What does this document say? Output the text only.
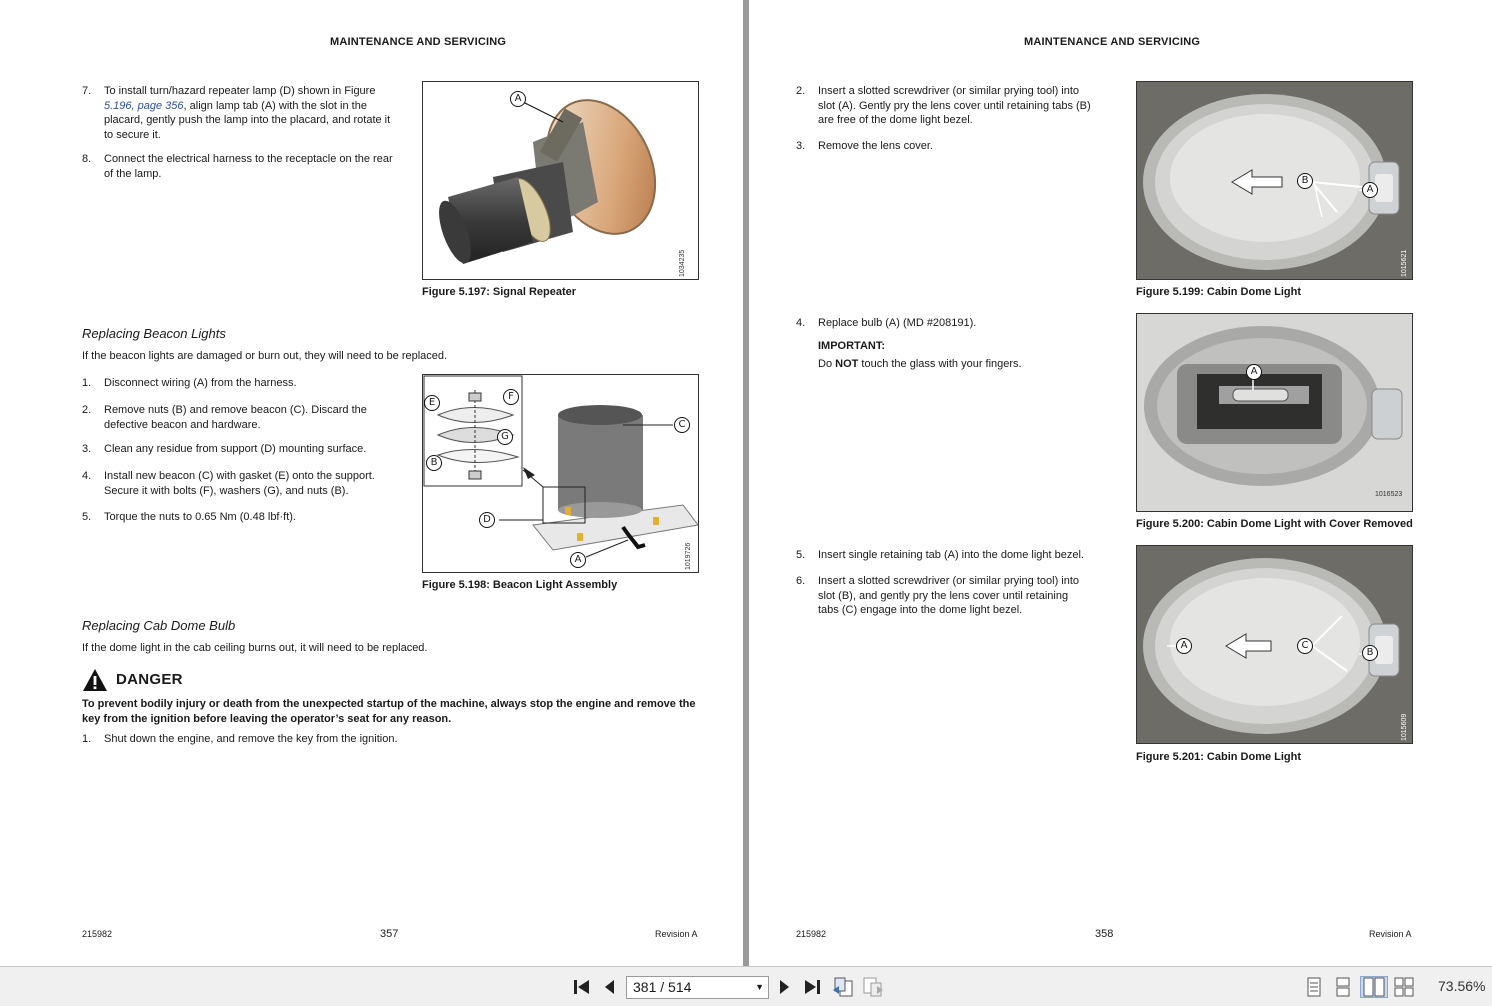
MAINTENANCE AND SERVICING
7. To install turn/hazard repeater lamp (D) shown in Figure
5.196, page 356, align lamp tab (A) with the slot in the
placard, gently push the lamp into the placard, and rotate it
to secure it.
8. Connect the electrical harness to the receptacle on the rear
of the lamp.
A
1034235
Figure 5.197: Signal Repeater
Replacing Beacon Lights
If the beacon lights are damaged or burn out, they will need to be replaced.
1. Disconnect wiring (A) from the harness.
2. Remove nuts (B) and remove beacon (C). Discard the
defective beacon and hardware.
3. Clean any residue from support (D) mounting surface.
4. Install new beacon (C) with gasket (E) onto the support.
Secure it with bolts (F), washers (G), and nuts (B).
5. Torque the nuts to 0.65 Nm (0.48 lbf·ft).
E
F
G
B
C
D
A	1019726
Figure 5.198: Beacon Light Assembly
Replacing Cab Dome Bulb
If the dome light in the cab ceiling burns out, it will need to be replaced.
DANGER
To prevent bodily injury or death from the unexpected startup of the machine, always stop the engine and remove the key from the ignition before leaving the operator’s seat for any reason.
1. Shut down the engine, and remove the key from the ignition.
215982	357	Revision A
MAINTENANCE AND SERVICING
2. Insert a slotted screwdriver (or similar prying tool) into
slot (A). Gently pry the lens cover until retaining tabs (B)
are free of the dome light bezel.
3. Remove the lens cover.
B
A
1015621
Figure 5.199: Cabin Dome Light
4. Replace bulb (A) (MD #208191).
IMPORTANT:
Do NOT touch the glass with your fingers.
A
1016523
Figure 5.200: Cabin Dome Light with Cover Removed
5. Insert single retaining tab (A) into the dome light bezel.
6. Insert a slotted screwdriver (or similar prying tool) into
slot (B), and gently pry the lens cover until retaining
tabs (C) engage into the dome light bezel.
A	C
B
1015609
Figure 5.201: Cabin Dome Light
215982	358	Revision A
381 / 514	▼	73.56%
